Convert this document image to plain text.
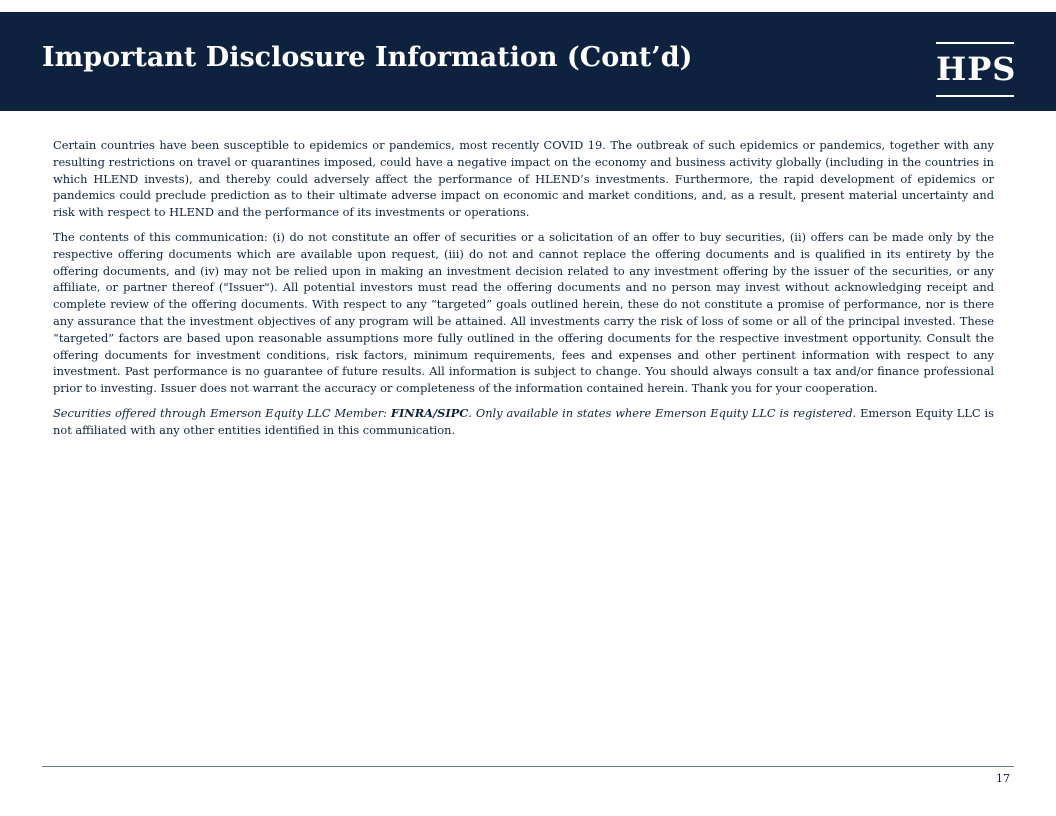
Important Disclosure Information (Cont’d)	HPS

Certain countries have been susceptible to epidemics or pandemics, most recently COVID 19. The outbreak of such epidemics or pandemics, together with any resulting restrictions on travel or quarantines imposed, could have a negative impact on the economy and business activity globally (including in the countries in which HLEND invests), and thereby could adversely affect the performance of HLEND’s investments. Furthermore, the rapid development of epidemics or pandemics could preclude prediction as to their ultimate adverse impact on economic and market conditions, and, as a result, present material uncertainty and risk with respect to HLEND and the performance of its investments or operations.

The contents of this communication: (i) do not constitute an offer of securities or a solicitation of an offer to buy securities, (ii) offers can be made only by the respective offering documents which are available upon request, (iii) do not and cannot replace the offering documents and is qualified in its entirety by the offering documents, and (iv) may not be relied upon in making an investment decision related to any investment offering by the issuer of the securities, or any affiliate, or partner thereof ("Issuer"). All potential investors must read the offering documents and no person may invest without acknowledging receipt and complete review of the offering documents. With respect to any “targeted” goals outlined herein, these do not constitute a promise of performance, nor is there any assurance that the investment objectives of any program will be attained. All investments carry the risk of loss of some or all of the principal invested. These “targeted” factors are based upon reasonable assumptions more fully outlined in the offering documents for the respective investment opportunity. Consult the offering documents for investment conditions, risk factors, minimum requirements, fees and expenses and other pertinent information with respect to any investment. Past performance is no guarantee of future results. All information is subject to change. You should always consult a tax and/or finance professional prior to investing. Issuer does not warrant the accuracy or completeness of the information contained herein. Thank you for your cooperation.

Securities offered through Emerson Equity LLC Member: FINRA/SIPC. Only available in states where Emerson Equity LLC is registered. Emerson Equity LLC is not affiliated with any other entities identified in this communication.

17
